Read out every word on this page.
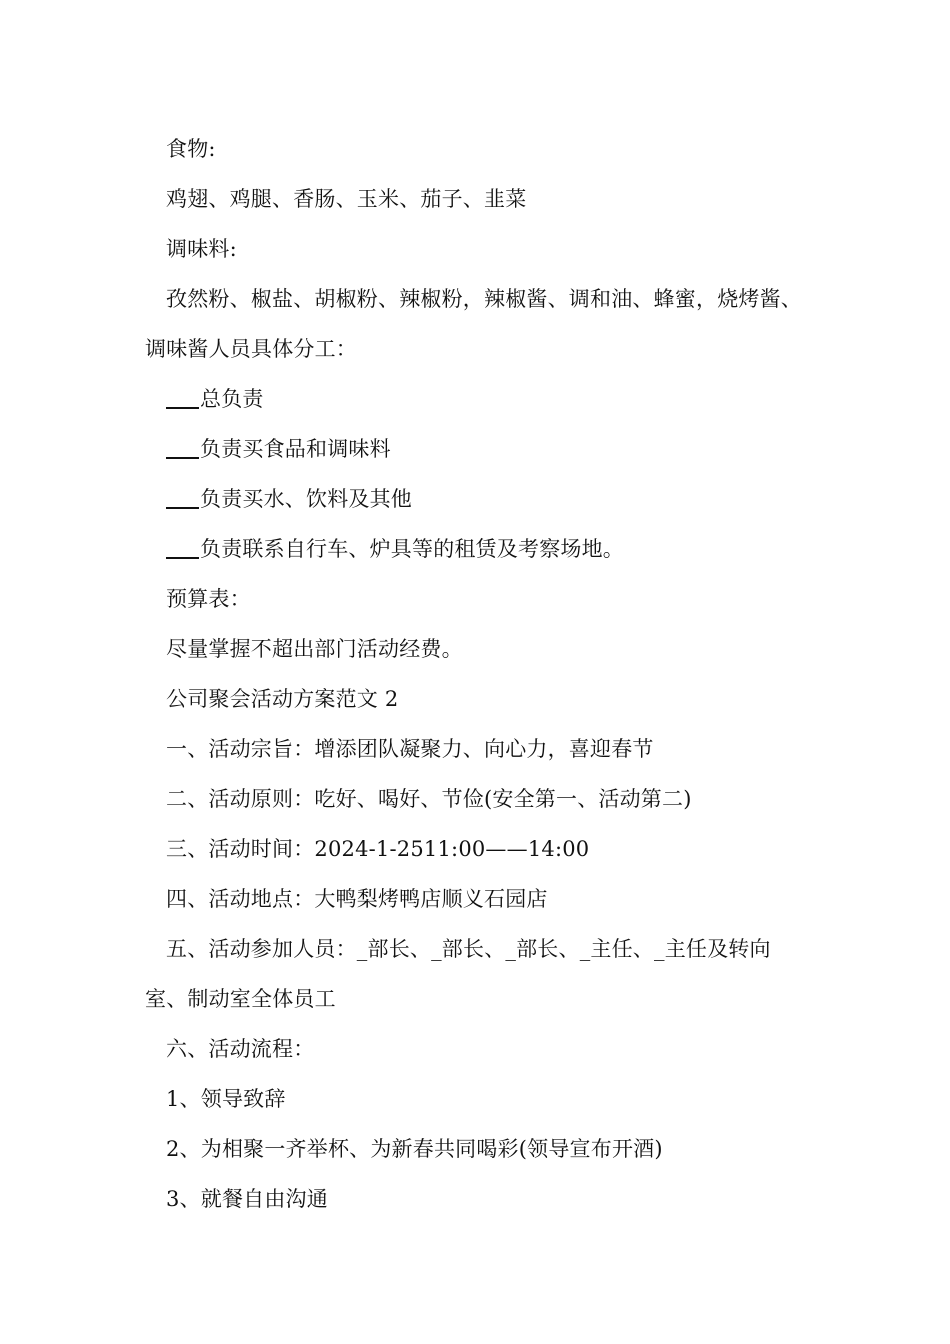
食物:

鸡翅、鸡腿、香肠、玉米、茄子、韭菜

调味料:

孜然粉、椒盐、胡椒粉、辣椒粉，辣椒酱、调和油、蜂蜜，烧烤酱、调味酱人员具体分工：

总负责

负责买食品和调味料

负责买水、饮料及其他

负责联系自行车、炉具等的租赁及考察场地。

预算表：

尽量掌握不超出部门活动经费。

公司聚会活动方案范文 2

一、活动宗旨：增添团队凝聚力、向心力，喜迎春节

二、活动原则：吃好、喝好、节俭(安全第一、活动第二)

三、活动时间：2024-1-2511:00——14:00

四、活动地点：大鸭梨烤鸭店顺义石园店

五、活动参加人员：_部长、_部长、_部长、_主任、_主任及转向室、制动室全体员工

六、活动流程：

1、领导致辞

2、为相聚一齐举杯、为新春共同喝彩(领导宣布开酒)

3、就餐自由沟通
